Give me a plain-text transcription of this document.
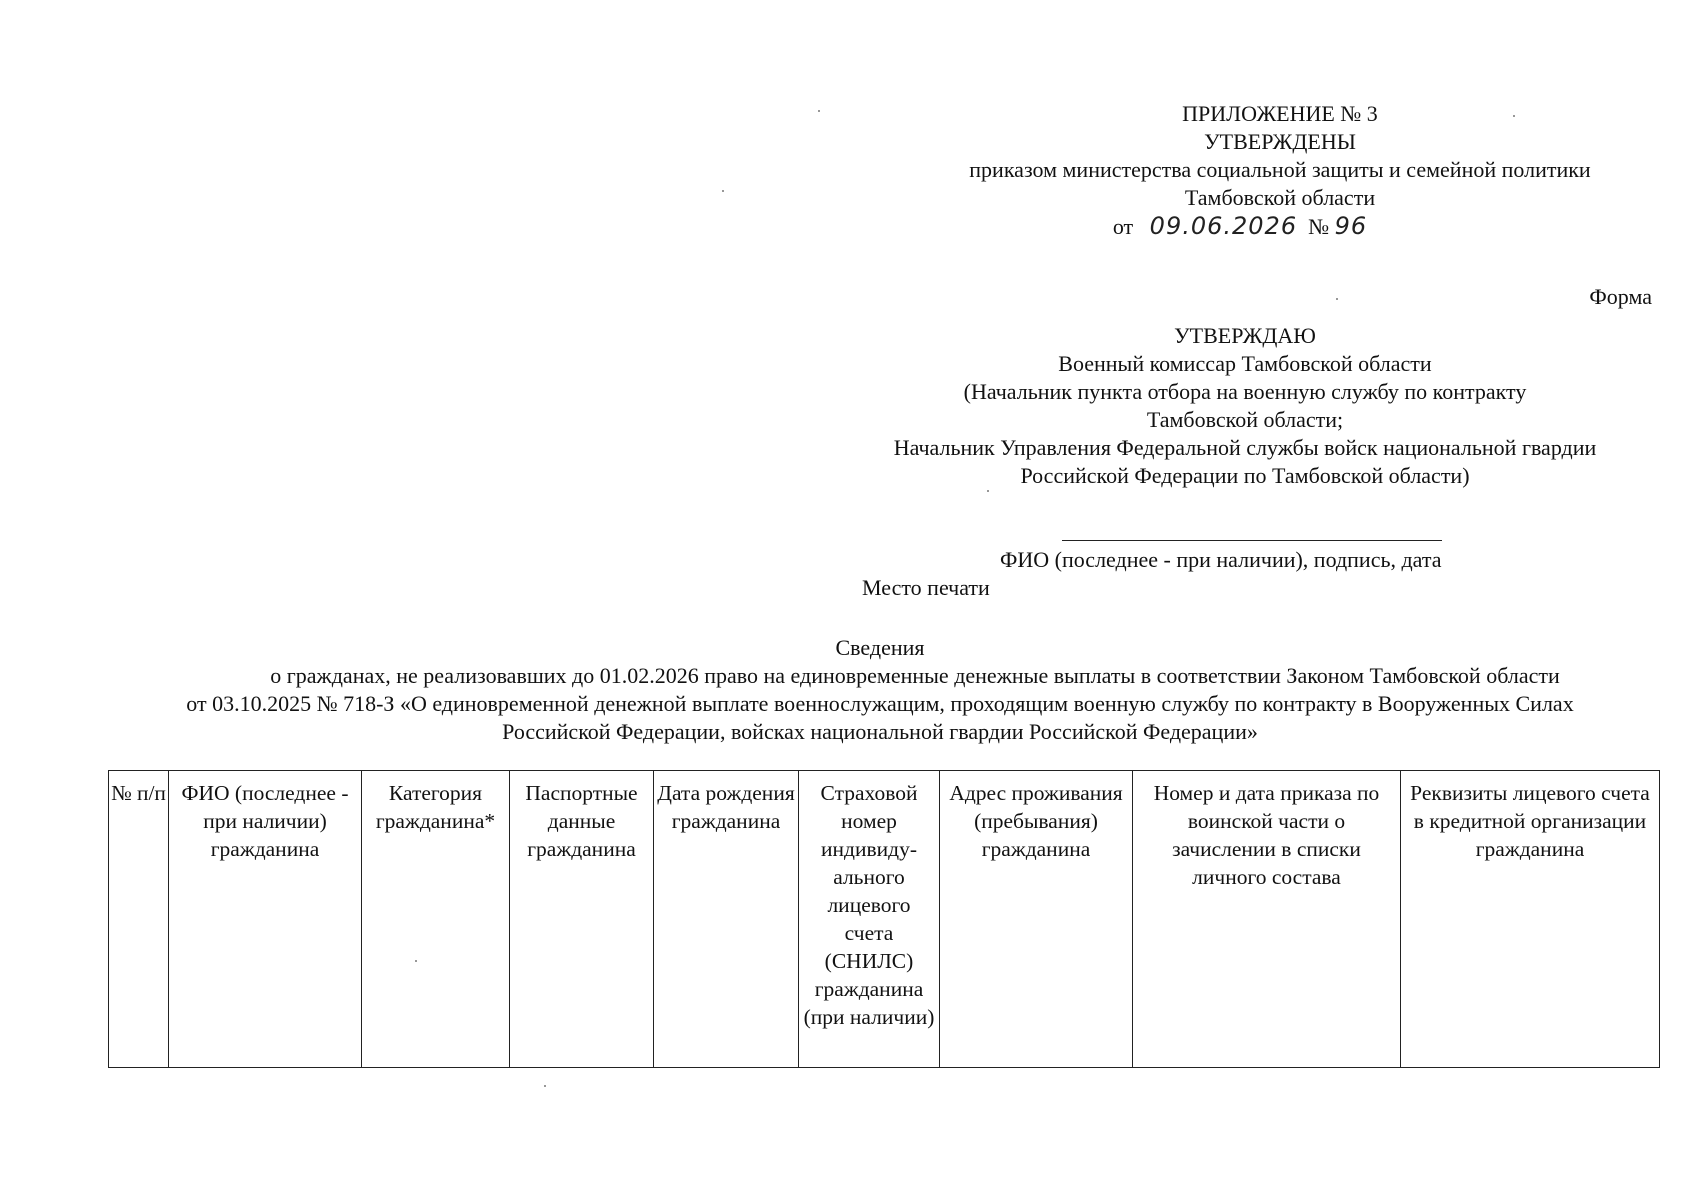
ПРИЛОЖЕНИЕ № 3
УТВЕРЖДЕНЫ
приказом министерства социальной защиты и семейной политики
Тамбовской области
от 09.06.2026 № 96
Форма
УТВЕРЖДАЮ
Военный комиссар Тамбовской области
(Начальник пункта отбора на военную службу по контракту
Тамбовской области;
Начальник Управления Федеральной службы войск национальной гвардии
Российской Федерации по Тамбовской области)
ФИО (последнее - при наличии), подпись, дата
Место печати
Сведения
о гражданах, не реализовавших до 01.02.2026 право на единовременные денежные выплаты в соответствии Законом Тамбовской области
от 03.10.2025 № 718-З «О единовременной денежной выплате военнослужащим, проходящим военную службу по контракту в Вооруженных Силах
Российской Федерации, войсках национальной гвардии Российской Федерации»
№ п/п	ФИО (последнее - при наличии) гражданина	Категория гражданина*	Паспортные данные гражданина	Дата рождения гражданина	Страховой номер индивиду-ального лицевого счета (СНИЛС) гражданина (при наличии)	Адрес проживания (пребывания) гражданина	Номер и дата приказа по воинской части о зачислении в списки личного состава	Реквизиты лицевого счета в кредитной организации гражданина
